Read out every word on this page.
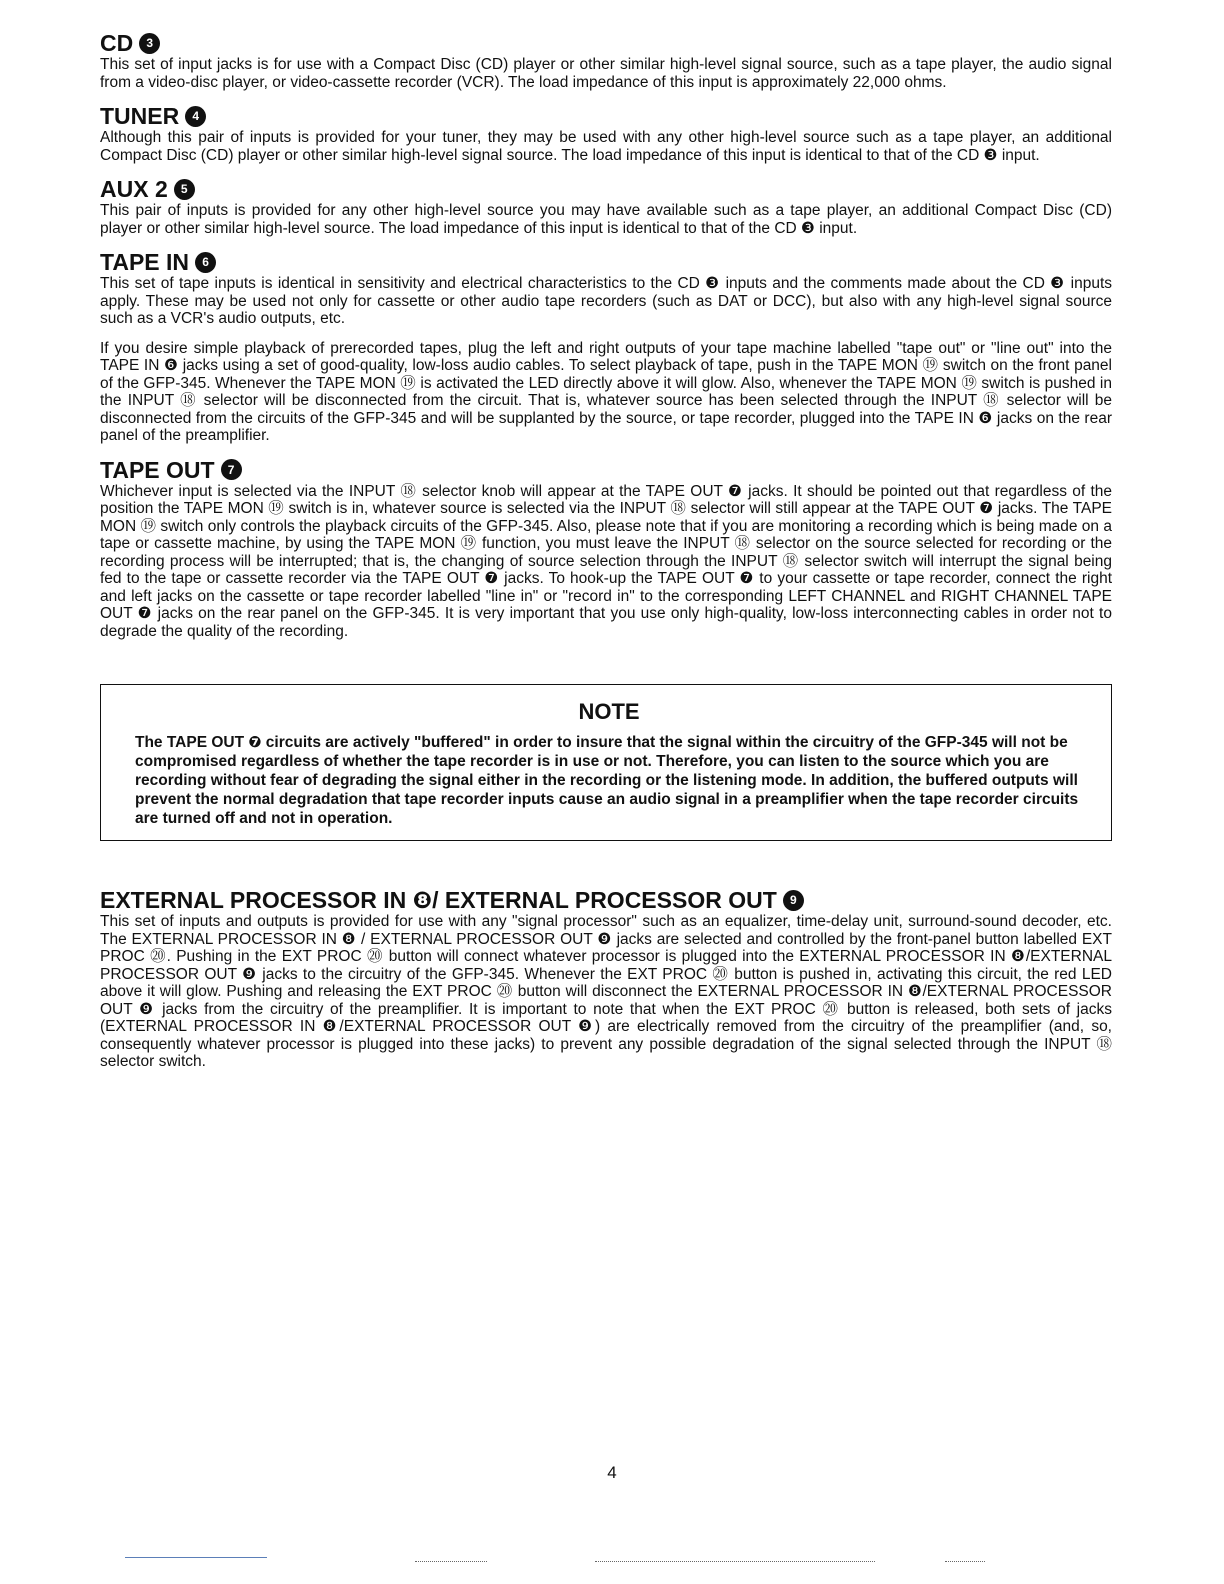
CD	3

This set of input jacks is for use with a Compact Disc (CD) player or other similar high-level signal source, such as a tape player, the audio signal from a video-disc player, or video-cassette recorder (VCR). The load impedance of this input is approximately 22,000 ohms.

TUNER	4

Although this pair of inputs is provided for your tuner, they may be used with any other high-level source such as a tape player, an additional Compact Disc (CD) player or other similar high-level signal source. The load impedance of this input is identical to that of the CD ❸ input.

AUX 2	5

This pair of inputs is provided for any other high-level source you may have available such as a tape player, an additional Compact Disc (CD) player or other similar high-level source. The load impedance of this input is identical to that of the CD ❸ input.

TAPE IN	6

This set of tape inputs is identical in sensitivity and electrical characteristics to the CD ❸ inputs and the comments made about the CD ❸ inputs apply. These may be used not only for cassette or other audio tape recorders (such as DAT or DCC), but also with any high-level signal source such as a VCR's audio outputs, etc.

If you desire simple playback of prerecorded tapes, plug the left and right outputs of your tape machine labelled "tape out" or "line out" into the TAPE IN ❻ jacks using a set of good-quality, low-loss audio cables. To select playback of tape, push in the TAPE MON ⑲ switch on the front panel of the GFP-345. Whenever the TAPE MON ⑲ is activated the LED directly above it will glow. Also, whenever the TAPE MON ⑲ switch is pushed in the INPUT ⑱ selector will be disconnected from the circuit. That is, whatever source has been selected through the INPUT ⑱ selector will be disconnected from the circuits of the GFP-345 and will be supplanted by the source, or tape recorder, plugged into the TAPE IN ❻ jacks on the rear panel of the preamplifier.

TAPE OUT	7

Whichever input is selected via the INPUT ⑱ selector knob will appear at the TAPE OUT ❼ jacks. It should be pointed out that regardless of the position the TAPE MON ⑲ switch is in, whatever source is selected via the INPUT ⑱ selector will still appear at the TAPE OUT ❼ jacks. The TAPE MON ⑲ switch only controls the playback circuits of the GFP-345. Also, please note that if you are monitoring a recording which is being made on a tape or cassette machine, by using the TAPE MON ⑲ function, you must leave the INPUT ⑱ selector on the source selected for recording or the recording process will be interrupted; that is, the changing of source selection through the INPUT ⑱ selector switch will interrupt the signal being fed to the tape or cassette recorder via the TAPE OUT ❼ jacks. To hook-up the TAPE OUT ❼ to your cassette or tape recorder, connect the right and left jacks on the cassette or tape recorder labelled "line in" or "record in" to the corresponding LEFT CHANNEL and RIGHT CHANNEL TAPE OUT ❼ jacks on the rear panel on the GFP-345. It is very important that you use only high-quality, low-loss interconnecting cables in order not to degrade the quality of the recording.

NOTE

The TAPE OUT ❼ circuits are actively "buffered" in order to insure that the signal within the circuitry of the GFP-345 will not be compromised regardless of whether the tape recorder is in use or not. Therefore, you can listen to the source which you are recording without fear of degrading the signal either in the recording or the listening mode. In addition, the buffered outputs will prevent the normal degradation that tape recorder inputs cause an audio signal in a preamplifier when the tape recorder circuits are turned off and not in operation.

EXTERNAL PROCESSOR IN ❽/ EXTERNAL PROCESSOR OUT	9

This set of inputs and outputs is provided for use with any "signal processor" such as an equalizer, time-delay unit, surround-sound decoder, etc. The EXTERNAL PROCESSOR IN ❽ / EXTERNAL PROCESSOR OUT ❾ jacks are selected and controlled by the front-panel button labelled EXT PROC ⑳. Pushing in the EXT PROC ⑳ button will connect whatever processor is plugged into the EXTERNAL PROCESSOR IN ❽/EXTERNAL PROCESSOR OUT ❾ jacks to the circuitry of the GFP-345. Whenever the EXT PROC ⑳ button is pushed in, activating this circuit, the red LED above it will glow. Pushing and releasing the EXT PROC ⑳ button will disconnect the EXTERNAL PROCESSOR IN ❽/EXTERNAL PROCESSOR OUT ❾ jacks from the circuitry of the preamplifier. It is important to note that when the EXT PROC ⑳ button is released, both sets of jacks (EXTERNAL PROCESSOR IN ❽/EXTERNAL PROCESSOR OUT ❾) are electrically removed from the circuitry of the preamplifier (and, so, consequently whatever processor is plugged into these jacks) to prevent any possible degradation of the signal selected through the INPUT ⑱ selector switch.

4
